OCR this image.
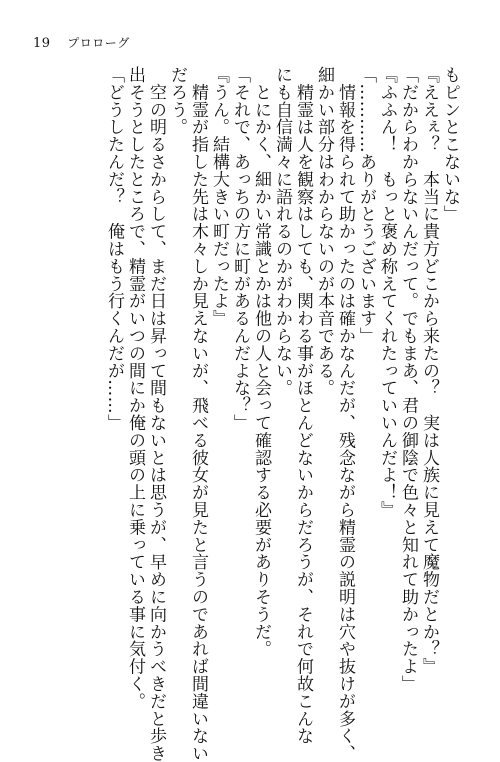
19 プロローグ

もピンとこないな」

『ええぇ？　本当に貴方どこから来たの？　実は人族に見えて魔物だとか？』

「だからわからないんだって。でもまあ、君の御陰で色々と知れて助かったよ」

『ふふん！　もっと褒め称えてくれたっていいんだよ！』

「…………ありがとうございます」

　情報を得られて助かったのは確かなんだが、残念ながら精霊の説明は穴や抜けが多く、

細かい部分はわからないのが本音である。

　精霊は人を観察はしても、関わる事がほとんどないからだろうが、それで何故こんな

にも自信満々に語れるのかがわからない。

　とにかく、細かい常識とかは他の人と会って確認する必要がありそうだ。

「それで、あっちの方に町があるんだよな？」

『うん。結構大きい町だったよ』

　精霊が指した先は木々しか見えないが、飛べる彼女が見たと言うのであれば間違いない

だろう。

　空の明るさからして、まだ日は昇って間もないとは思うが、早めに向かうべきだと歩き

出そうとしたところで、精霊がいつの間にか俺の頭の上に乗っている事に気付く。

「どうしたんだ？　俺はもう行くんだが……」
